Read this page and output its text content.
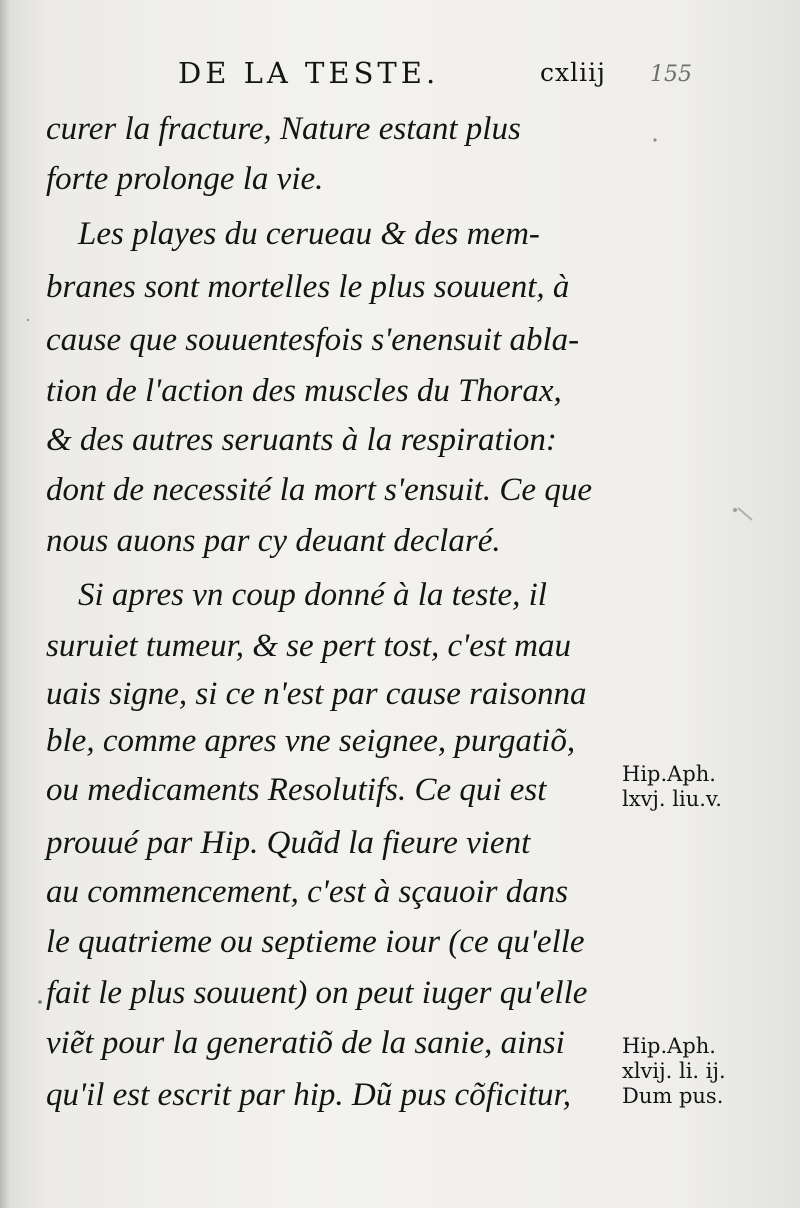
DE LA TESTE.	cxliij 155
curer la fracture, Nature estant plus
forte prolonge la vie.
Les playes du cerueau & des mem-
branes sont mortelles le plus souuent, à
cause que souuentesfois s'enensuit abla-
tion de l'action des muscles du Thorax,
& des autres seruants à la respiration:
dont de necessité la mort s'ensuit. Ce que
nous auons par cy deuant declaré.
Si apres vn coup donné à la teste, il
suruiet tumeur, & se pert tost, c'est mau
uais signe, si ce n'est par cause raisonna
ble, comme apres vne seignee, purgatiõ,
ou medicaments Resolutifs. Ce qui est
prouué par Hip. Quãd la fieure vient
au commencement, c'est à sçauoir dans
le quatrieme ou septieme iour (ce qu'elle
fait le plus souuent) on peut iuger qu'elle
viẽt pour la generatiõ de la sanie, ainsi
qu'il est escrit par hip. Dũ pus cõficitur,
Hip.Aph.
lxvj. liu.v.
Hip.Aph.
xlvij. li. ij.
Dum pus.
